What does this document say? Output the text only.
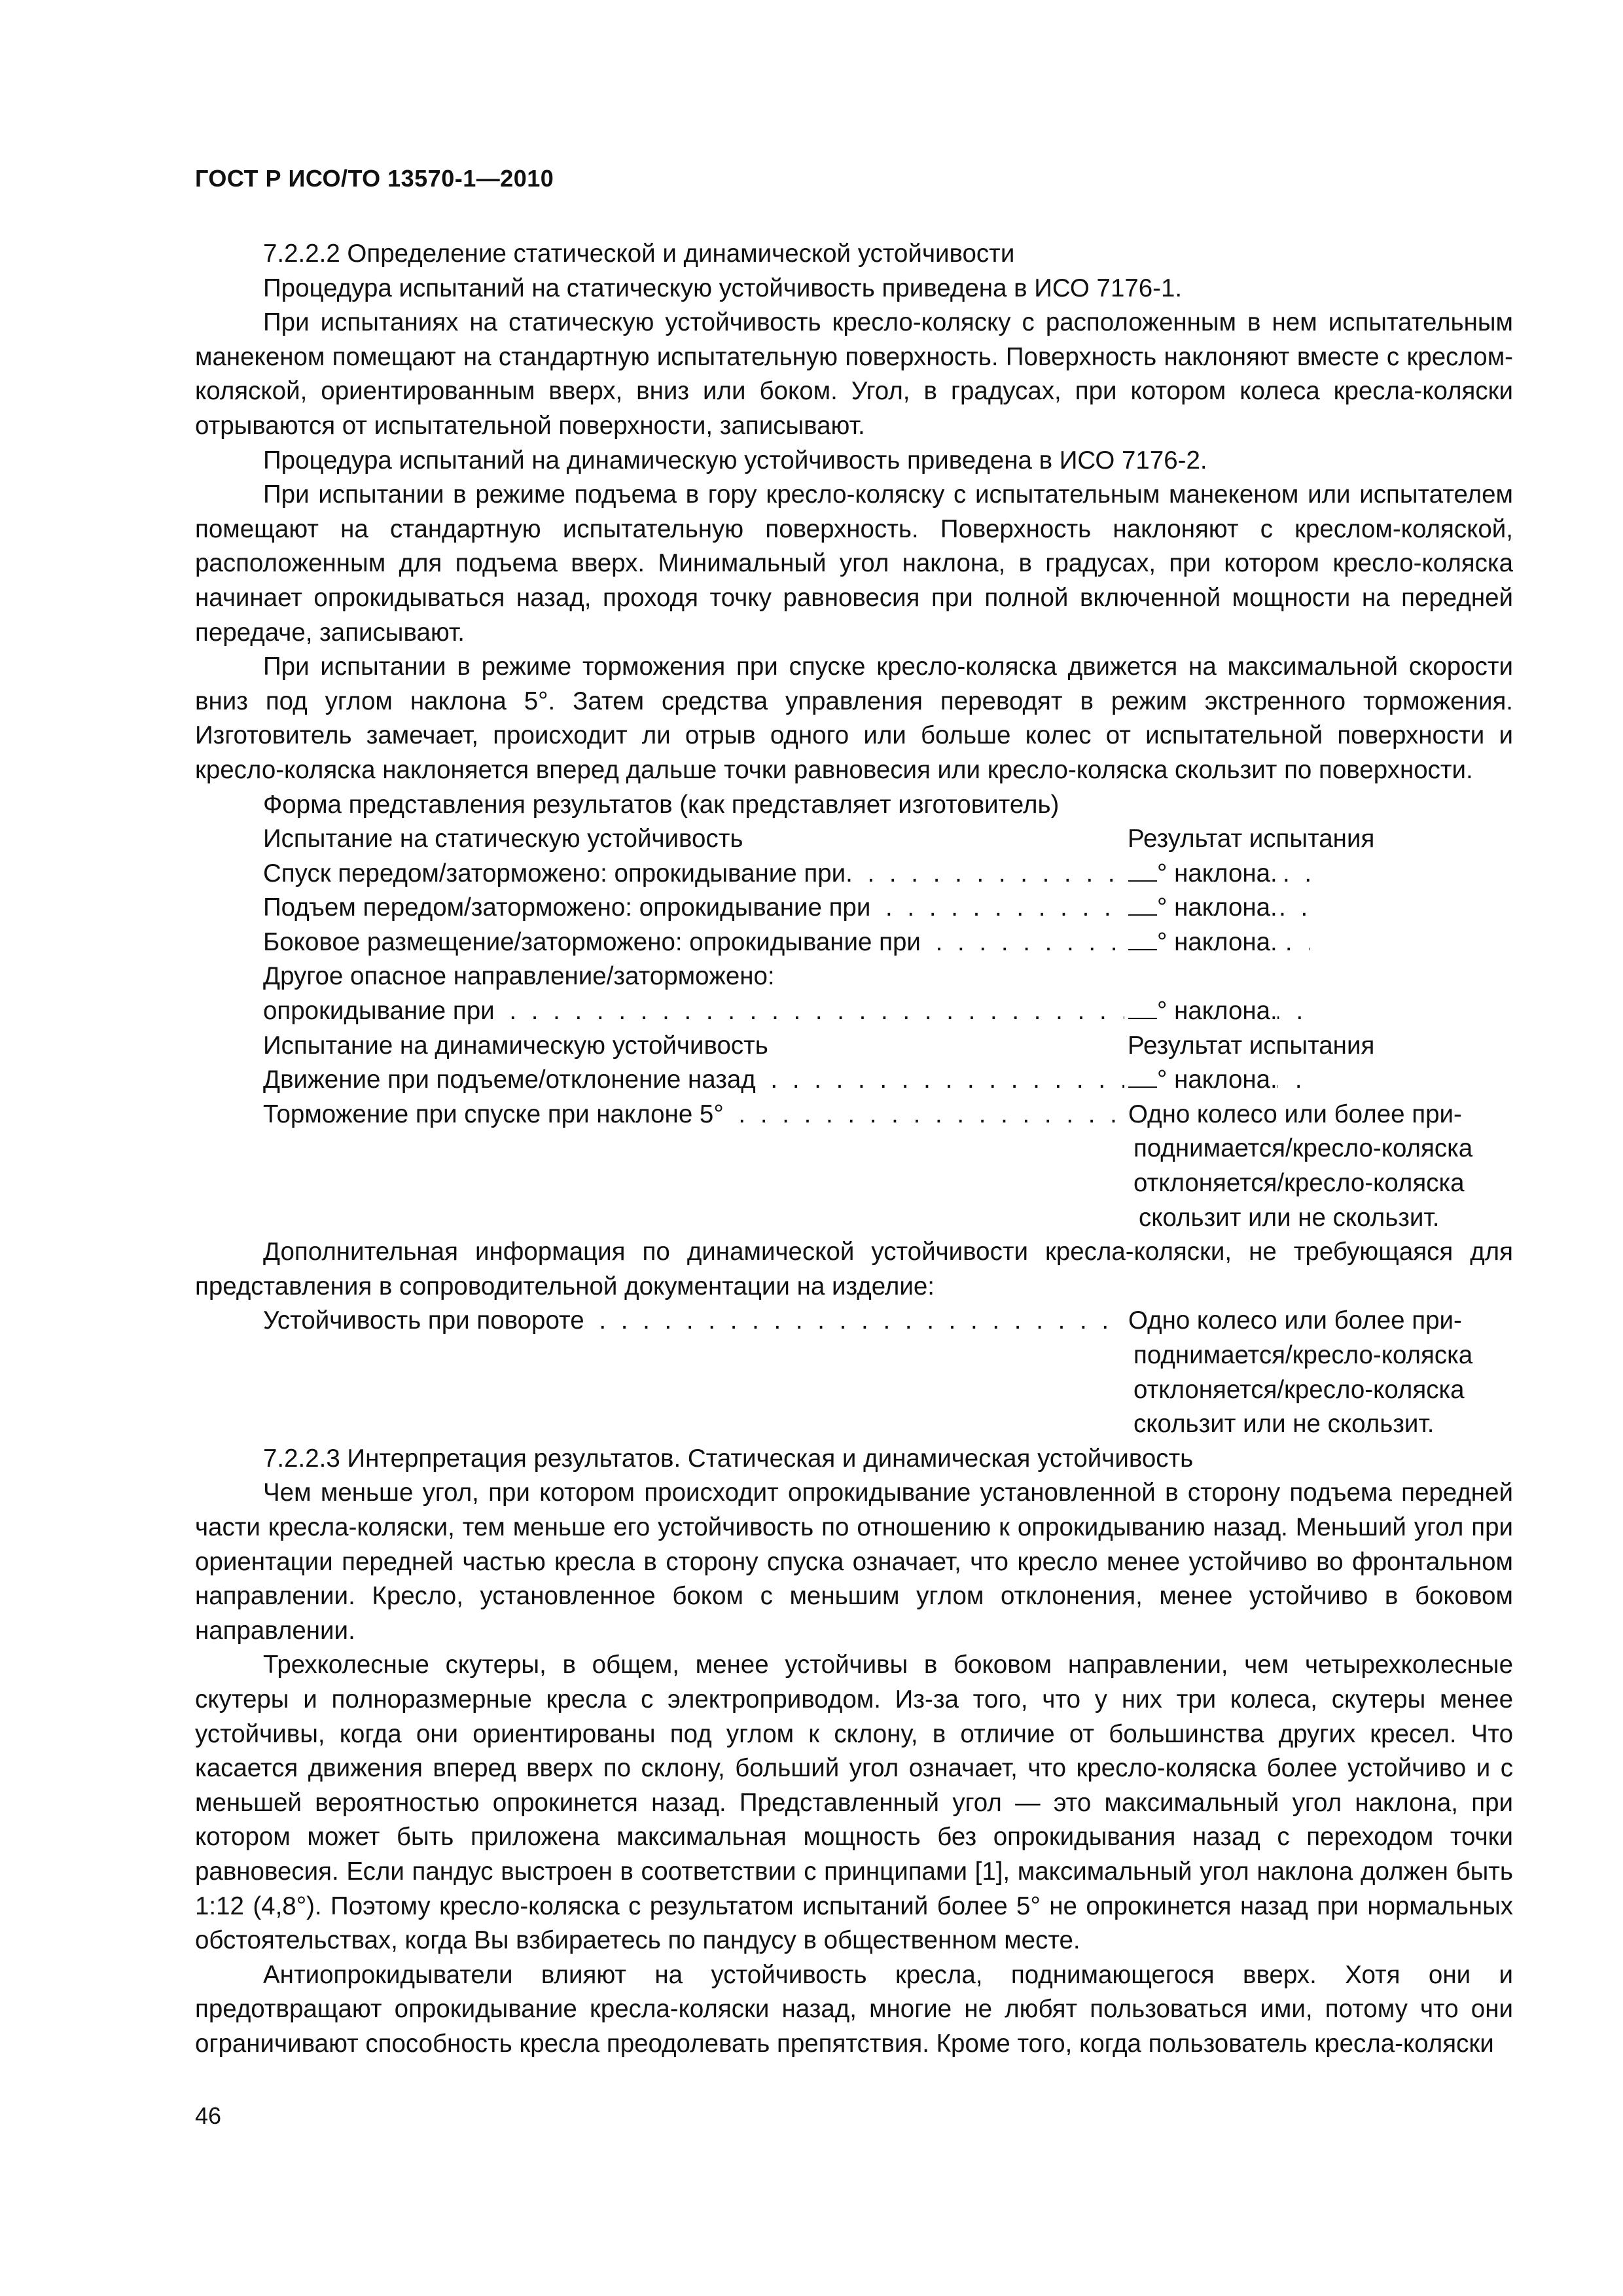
ГОСТ Р ИСО/ТО 13570-1—2010

7.2.2.2 Определение статической и динамической устойчивости

Процедура испытаний на статическую устойчивость приведена в ИСО 7176-1.

При испытаниях на статическую устойчивость кресло-коляску с расположенным в нем испытательным манекеном помещают на стандартную испытательную поверхность. Поверхность наклоняют вместе с креслом-коляской, ориентированным вверх, вниз или боком. Угол, в градусах, при котором колеса кресла-коляски отрываются от испытательной поверхности, записывают.

Процедура испытаний на динамическую устойчивость приведена в ИСО 7176-2.

При испытании в режиме подъема в гору кресло-коляску с испытательным манекеном или испытателем помещают на стандартную испытательную поверхность. Поверхность наклоняют с креслом-коляской, расположенным для подъема вверх. Минимальный угол наклона, в градусах, при котором кресло-коляска начинает опрокидываться назад, проходя точку равновесия при полной включенной мощности на передней передаче, записывают.

При испытании в режиме торможения при спуске кресло-коляска движется на максимальной скорости вниз под углом наклона 5°. Затем средства управления переводят в режим экстренного торможения. Изготовитель замечает, происходит ли отрыв одного или больше колес от испытательной поверхности и кресло-коляска наклоняется вперед дальше точки равновесия или кресло-коляска скользит по поверхности.

Форма представления результатов (как представляет изготовитель)

Испытание на статическую устойчивость	Результат испытания
Спуск передом/заторможено: опрокидывание при. . . .	° наклона.
Подъем передом/заторможено: опрокидывание при . . .	° наклона.
Боковое размещение/заторможено: опрокидывание при . . .	° наклона.
Другое опасное направление/заторможено:
опрокидывание при . . .	° наклона.
Испытание на динамическую устойчивость	Результат испытания
Движение при подъеме/отклонение назад . . .	° наклона.
Торможение при спуске при наклоне 5° . . .	Одно колесо или более при-
поднимается/кресло-коляска
отклоняется/кресло-коляска
скользит или не скользит.

Дополнительная информация по динамической устойчивости кресла-коляски, не требующаяся для представления в сопроводительной документации на изделие:

Устойчивость при повороте . . .	Одно колесо или более при-
поднимается/кресло-коляска
отклоняется/кресло-коляска
скользит или не скользит.

7.2.2.3 Интерпретация результатов. Статическая и динамическая устойчивость

Чем меньше угол, при котором происходит опрокидывание установленной в сторону подъема передней части кресла-коляски, тем меньше его устойчивость по отношению к опрокидыванию назад. Меньший угол при ориентации передней частью кресла в сторону спуска означает, что кресло менее устойчиво во фронтальном направлении. Кресло, установленное боком с меньшим углом отклонения, менее устойчиво в боковом направлении.

Трехколесные скутеры, в общем, менее устойчивы в боковом направлении, чем четырехколесные скутеры и полноразмерные кресла с электроприводом. Из-за того, что у них три колеса, скутеры менее устойчивы, когда они ориентированы под углом к склону, в отличие от большинства других кресел. Что касается движения вперед вверх по склону, больший угол означает, что кресло-коляска более устойчиво и с меньшей вероятностью опрокинется назад. Представленный угол — это максимальный угол наклона, при котором может быть приложена максимальная мощность без опрокидывания назад с переходом точки равновесия. Если пандус выстроен в соответствии с принципами [1], максимальный угол наклона должен быть 1:12 (4,8°). Поэтому кресло-коляска с результатом испытаний более 5° не опрокинется назад при нормальных обстоятельствах, когда Вы взбираетесь по пандусу в общественном месте.

Антиопрокидыватели влияют на устойчивость кресла, поднимающегося вверх. Хотя они и предотвращают опрокидывание кресла-коляски назад, многие не любят пользоваться ими, потому что они ограничивают способность кресла преодолевать препятствия. Кроме того, когда пользователь кресла-коляски

46
